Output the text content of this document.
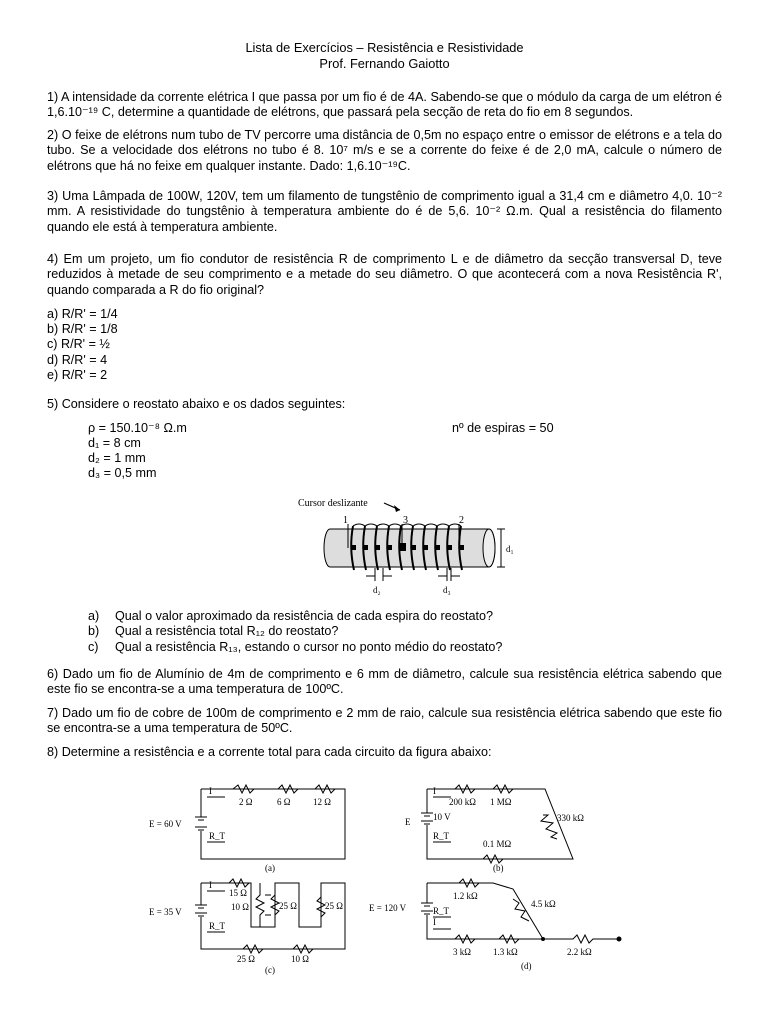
Lista de Exercícios – Resistência e Resistividade
Prof. Fernando Gaiotto

1) A intensidade da corrente elétrica I que passa por um fio é de 4A. Sabendo-se que o módulo da carga de um elétron é 1,6.10⁻¹⁹ C, determine a quantidade de elétrons, que passará pela secção de reta do fio em 8 segundos.

2) O feixe de elétrons num tubo de TV percorre uma distância de 0,5m no espaço entre o emissor de elétrons e a tela do tubo. Se a velocidade dos elétrons no tubo é 8. 10⁷ m/s e se a corrente do feixe é de 2,0 mA, calcule o número de elétrons que há no feixe em qualquer instante. Dado: 1,6.10⁻¹⁹C.

3) Uma Lâmpada de 100W, 120V, tem um filamento de tungstênio de comprimento igual a 31,4 cm e diâmetro 4,0. 10⁻² mm. A resistividade do tungstênio à temperatura ambiente do é de 5,6. 10⁻² Ω.m. Qual a resistência do filamento quando ele está à temperatura ambiente.

4) Em um projeto, um fio condutor de resistência R de comprimento L e de diâmetro da secção transversal D, teve reduzidos à metade de seu comprimento e a metade do seu diâmetro. O que acontecerá com a nova Resistência R', quando comparada a R do fio original?

a) R/R' = 1/4
b) R/R' = 1/8
c) R/R' = ½
d) R/R' = 4
e) R/R' = 2

5) Considere o reostato abaixo e os dados seguintes:

ρ = 150.10⁻⁸ Ω.m	nº de espiras = 50
d₁ = 8 cm
d₂ = 1 mm
d₃ = 0,5 mm
Cursor deslizante
1	3	2
d₁
d₂	d₃
a) Qual o valor aproximado da resistência de cada espira do reostato?
b) Qual a resistência total R₁₂ do reostato?
c) Qual a resistência R₁₃, estando o cursor no ponto médio do reostato?

6) Dado um fio de Alumínio de 4m de comprimento e 6 mm de diâmetro, calcule sua resistência elétrica sabendo que este fio se encontra-se a uma temperatura de 100ºC.

7) Dado um fio de cobre de 100m de comprimento e 2 mm de raio, calcule sua resistência elétrica sabendo que este fio se encontra-se a uma temperatura de 50ºC.

8) Determine a resistência e a corrente total para cada circuito da figura abaixo:

E = 60 V
I
R_T
2 Ω	6 Ω	12 Ω
(a)
E	10 V
I
R_T
200 kΩ 1 MΩ
330 kΩ
0.1 MΩ
(b)
E = 35 V
I
R_T
15 Ω
10 Ω	25 Ω	25 Ω
25 Ω	10 Ω
(c)
E = 120 V
I
R_T
1.2 kΩ
4.5 kΩ
3 kΩ 1.3 kΩ	2.2 kΩ
(d)
